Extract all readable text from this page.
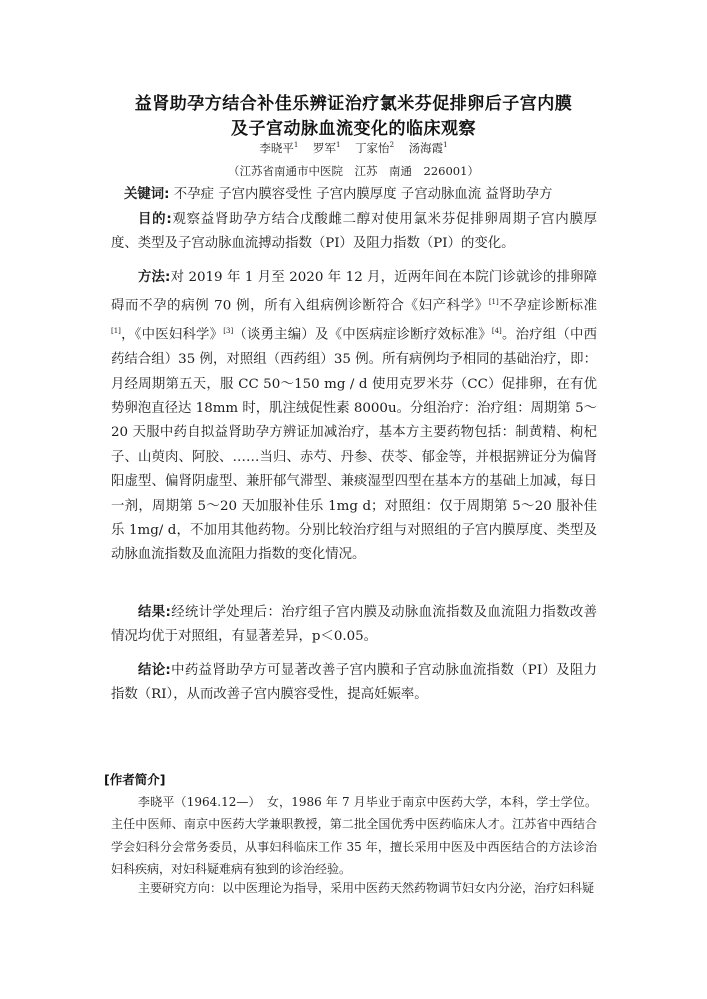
益肾助孕方结合补佳乐辨证治疗氯米芬促排卵后子宫内膜
及子宫动脉血流变化的临床观察
李晓平$^1$ 罗军$^1$ 丁家怡$^2$ 汤海霞$^1$
（江苏省南通市中医院　江苏　南通　226001）
关键词: 不孕症 子宫内膜容受性 子宫内膜厚度 子宫动脉血流 益肾助孕方
目的:观察益肾助孕方结合戊酸雌二醇对使用氯米芬促排卵周期子宫内膜厚度、类型及子宫动脉血流搏动指数（PI）及阻力指数（PI）的变化。
方法:对 2019 年 1 月至 2020 年 12 月，近两年间在本院门诊就诊的排卵障碍而不孕的病例 70 例，所有入组病例诊断符合《妇产科学》[1]不孕症诊断标准[1]，《中医妇科学》[3]（谈勇主编）及《中医病症诊断疗效标准》[4]。治疗组（中西药结合组）35 例，对照组（西药组）35 例。所有病例均予相同的基础治疗，即：月经周期第五天，服 CC 50～150 mg / d 使用克罗米芬（CC）促排卵，在有优势卵泡直径达 18mm 时，肌注绒促性素 8000u。分组治疗：治疗组：周期第 5～20 天服中药自拟益肾助孕方辨证加减治疗，基本方主要药物包括：制黄精、枸杞子、山萸肉、阿胶、……当归、赤芍、丹参、茯苓、郁金等，并根据辨证分为偏肾阳虚型、偏肾阴虚型、兼肝郁气滞型、兼痰湿型四型在基本方的基础上加减，每日一剂，周期第 5～20 天加服补佳乐 1mg d；对照组：仅于周期第 5～20 服补佳乐 1mg/ d，不加用其他药物。分别比较治疗组与对照组的子宫内膜厚度、类型及动脉血流指数及血流阻力指数的变化情况。
结果:经统计学处理后：治疗组子宫内膜及动脉血流指数及血流阻力指数改善情况均优于对照组，有显著差异，p＜0.05。
结论:中药益肾助孕方可显著改善子宫内膜和子宫动脉血流指数（PI）及阻力指数（RI），从而改善子宫内膜容受性，提高妊娠率。
[作者简介]
李晓平（1964.12—）　女，1986 年 7 月毕业于南京中医药大学，本科，学士学位。主任中医师、南京中医药大学兼职教授，第二批全国优秀中医药临床人才。江苏省中西结合学会妇科分会常务委员，从事妇科临床工作 35 年，擅长采用中医及中西医结合的方法诊治妇科疾病，对妇科疑难病有独到的诊治经验。
主要研究方向：以中医理论为指导，采用中医药天然药物调节妇女内分泌，治疗妇科疑
